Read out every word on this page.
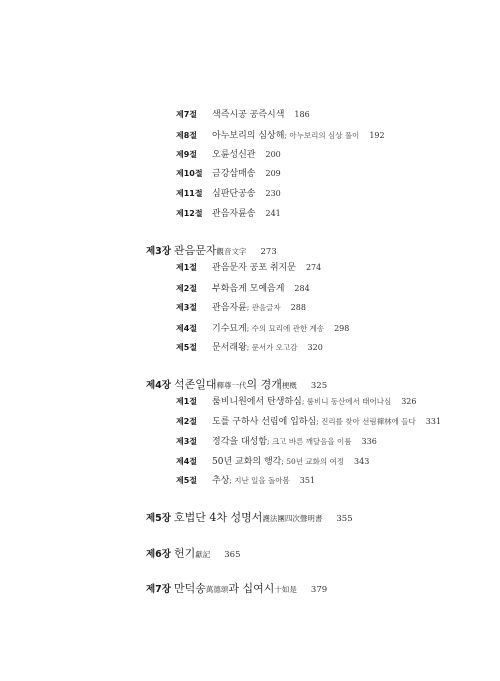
제7절	색즉시공 공즉시색 186
제8절	아누보리의 심상해 ; 아누보리의 심상 풀이 192
제9절	오륜성신관 200
제10절	금강삼매송 209
제11절	심판단공송 230
제12절	관음자륜송 241
제3장 관음문자 觀音文字 273
제1절	관음문자 공포 취지문 274
제2절	부화음게 모예음게 284
제3절	관음자륜 ; 관음글자 288
제4절	기수묘게 ; 수의 묘리에 관한 계송 298
제5절	문서래왕 ; 문서가 오고감 320
제4장 석존일대 釋尊一代 의 경개 梗槪 325
제1절	룸비니원에서 탄생하심 ; 룸비니 동산에서 태어나심 326
제2절	도를 구하사 선림에 입하심 ; 진리를 찾아 선림禪林에 들다 331
제3절	정각을 대성함 ; 크고 바른 깨달음을 이룸 336
제4절	50년 교화의 행각 ; 50년 교화의 여정 343
제5절	추상 ; 지난 일을 돌아봄 351
제5장 호법단 4차 성명서 護法團四次聲明書 355
제6장 헌기 獻記 365
제7장 만덕송 萬德頌 과 십여시 十如是 379
